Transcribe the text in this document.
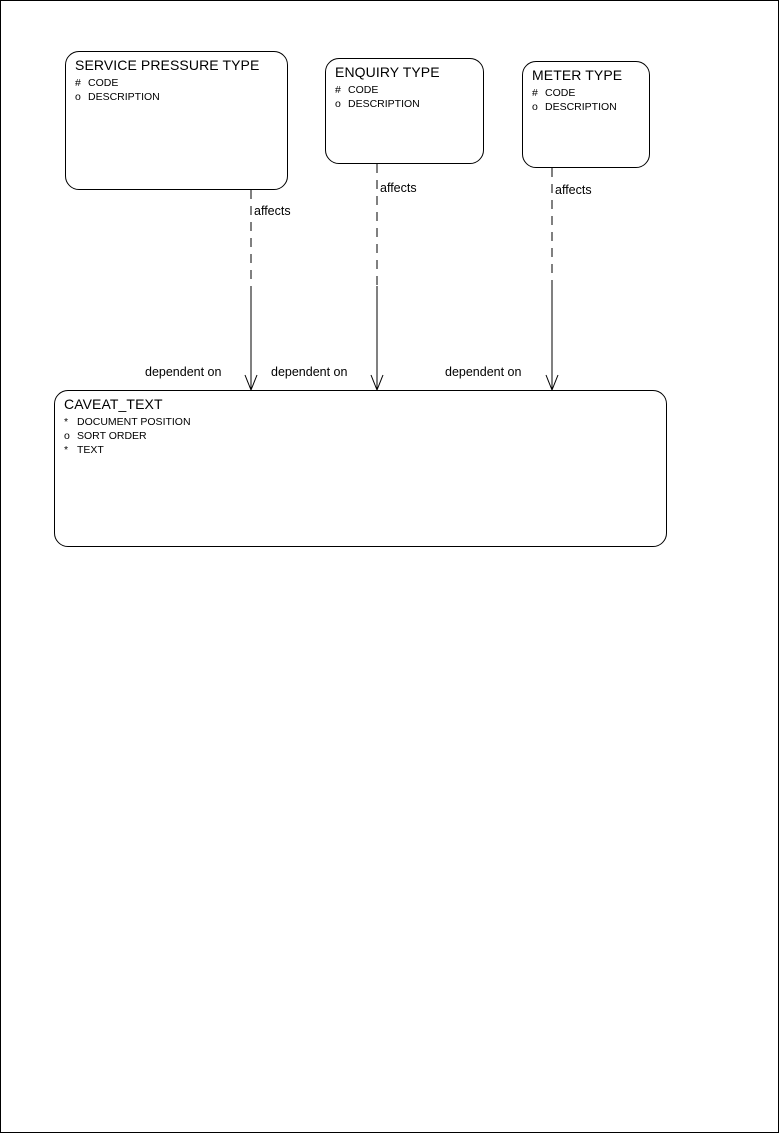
SERVICE PRESSURE TYPE
# CODE
o DESCRIPTION
ENQUIRY TYPE
# CODE
o DESCRIPTION
METER TYPE
# CODE
o DESCRIPTION
CAVEAT_TEXT
* DOCUMENT POSITION
o SORT ORDER
* TEXT
affects
dependent on
affects
dependent on
affects
dependent on
